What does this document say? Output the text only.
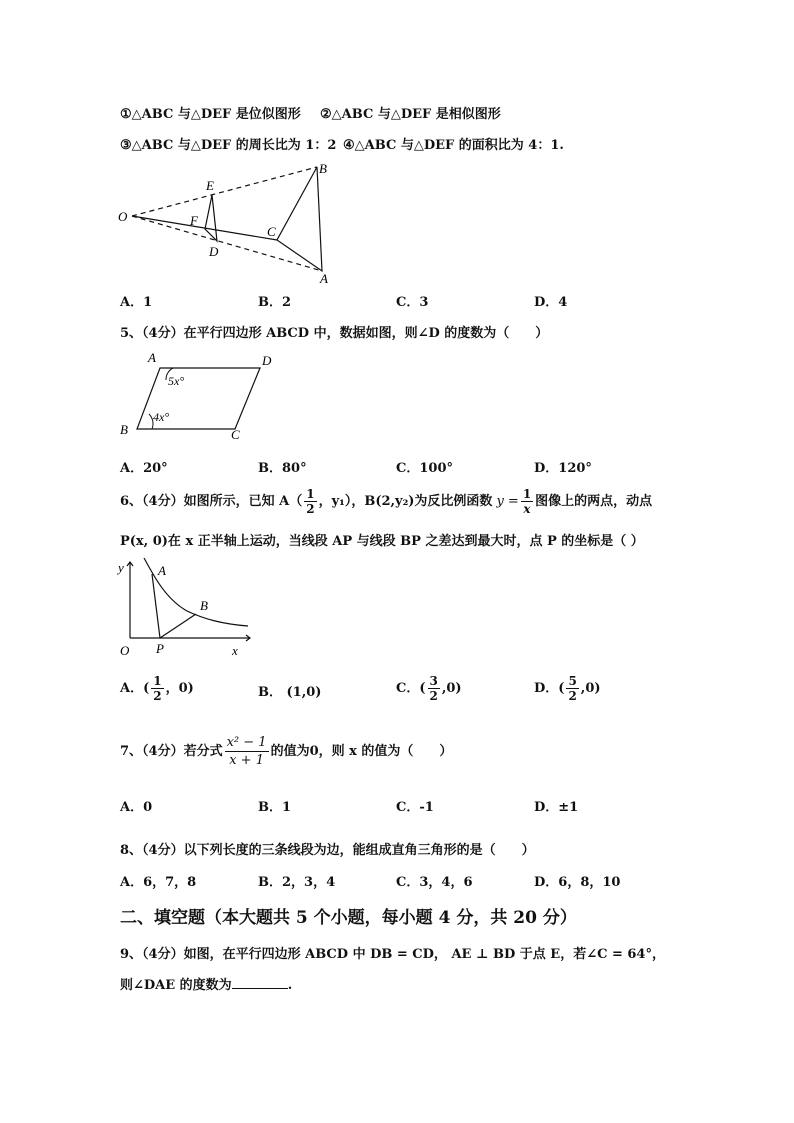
①△ABC 与△DEF 是位似图形 ②△ABC 与△DEF 是相似图形
③△ABC 与△DEF 的周长比为 1：2 ④△ABC 与△DEF 的面积比为 4：1.
O
E
F
D
C
B
A
A．1	B．2	C．3	D．4
5、（4分）在平行四边形 ABCD 中，数据如图，则∠D 的度数为（　　）
A	D
B	C
5x°
4x°
A．20°	B．80°	C．100°	D．120°
6、（4分）如图所示，已知 $A( \frac{1}{2}$ ，y₁），B(2,y₂)为反比例函数 $y = \frac{1}{x}$ 图像上的两点，动点
P(x, 0)在 x 正半轴上运动，当线段 AP 与线段 BP 之差达到最大时，点 P 的坐标是（ ）
y	A
B
O P	x
A．( $\frac{1}{2}$ ，0)	B． (1,0)	C．( $\frac{3}{2} ,0$)	D．( $\frac{5}{2} ,0$)
7、（4分）若分式 $\frac{\text{x² − 1}}{x + 1}$ 的值为0，则 x 的值为（　　）
A．0	B．1	C．-1	D．±1
8、（4分）以下列长度的三条线段为边，能组成直角三角形的是（　　）
A．6，7，8	B．2，3，4	C．3，4，6	D．6，8，10
二、填空题（本大题共 5 个小题，每小题 4 分，共 20 分）
9、（4分）如图，在平行四边形 ABCD 中 DB = CD， AE ⊥ BD 于点 E，若∠C = 64°，
则∠DAE 的度数为	.
